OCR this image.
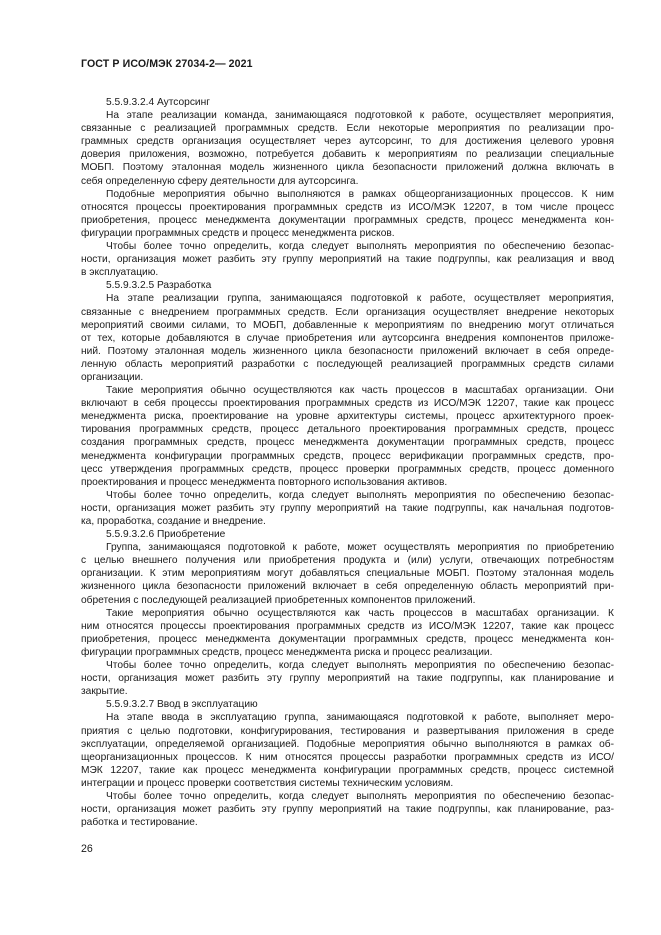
ГОСТ Р ИСО/МЭК 27034-2— 2021
5.5.9.3.2.4 Аутсорсинг
На этапе реализации команда, занимающаяся подготовкой к работе, осуществляет мероприятия,
связанные с реализацией программных средств. Если некоторые мероприятия по реализации про-
граммных средств организация осуществляет через аутсорсинг, то для достижения целевого уровня
доверия приложения, возможно, потребуется добавить к мероприятиям по реализации специальные
МОБП. Поэтому эталонная модель жизненного цикла безопасности приложений должна включать в
себя определенную сферу деятельности для аутсорсинга.
Подобные мероприятия обычно выполняются в рамках общеорганизационных процессов. К ним
относятся процессы проектирования программных средств из ИСО/МЭК 12207, в том числе процесс
приобретения, процесс менеджмента документации программных средств, процесс менеджмента кон-
фигурации программных средств и процесс менеджмента рисков.
Чтобы более точно определить, когда следует выполнять мероприятия по обеспечению безопас-
ности, организация может разбить эту группу мероприятий на такие подгруппы, как реализация и ввод
в эксплуатацию.
5.5.9.3.2.5 Разработка
На этапе реализации группа, занимающаяся подготовкой к работе, осуществляет мероприятия,
связанные с внедрением программных средств. Если организация осуществляет внедрение некоторых
мероприятий своими силами, то МОБП, добавленные к мероприятиям по внедрению могут отличаться
от тех, которые добавляются в случае приобретения или аутсорсинга внедрения компонентов приложе-
ний. Поэтому эталонная модель жизненного цикла безопасности приложений включает в себя опреде-
ленную область мероприятий разработки с последующей реализацией программных средств силами
организации.
Такие мероприятия обычно осуществляются как часть процессов в масштабах организации. Они
включают в себя процессы проектирования программных средств из ИСО/МЭК 12207, такие как процесс
менеджмента риска, проектирование на уровне архитектуры системы, процесс архитектурного проек-
тирования программных средств, процесс детального проектирования программных средств, процесс
создания программных средств, процесс менеджмента документации программных средств, процесс
менеджмента конфигурации программных средств, процесс верификации программных средств, про-
цесс утверждения программных средств, процесс проверки программных средств, процесс доменного
проектирования и процесс менеджмента повторного использования активов.
Чтобы более точно определить, когда следует выполнять мероприятия по обеспечению безопас-
ности, организация может разбить эту группу мероприятий на такие подгруппы, как начальная подготов-
ка, проработка, создание и внедрение.
5.5.9.3.2.6 Приобретение
Группа, занимающаяся подготовкой к работе, может осуществлять мероприятия по приобретению
с целью внешнего получения или приобретения продукта и (или) услуги, отвечающих потребностям
организации. К этим мероприятиям могут добавляться специальные МОБП. Поэтому эталонная модель
жизненного цикла безопасности приложений включает в себя определенную область мероприятий при-
обретения с последующей реализацией приобретенных компонентов приложений.
Такие мероприятия обычно осуществляются как часть процессов в масштабах организации. К
ним относятся процессы проектирования программных средств из ИСО/МЭК 12207, такие как процесс
приобретения, процесс менеджмента документации программных средств, процесс менеджмента кон-
фигурации программных средств, процесс менеджмента риска и процесс реализации.
Чтобы более точно определить, когда следует выполнять мероприятия по обеспечению безопас-
ности, организация может разбить эту группу мероприятий на такие подгруппы, как планирование и
закрытие.
5.5.9.3.2.7 Ввод в эксплуатацию
На этапе ввода в эксплуатацию группа, занимающаяся подготовкой к работе, выполняет меро-
приятия с целью подготовки, конфигурирования, тестирования и развертывания приложения в среде
эксплуатации, определяемой организацией. Подобные мероприятия обычно выполняются в рамках об-
щеорганизационных процессов. К ним относятся процессы разработки программных средств из ИСО/
МЭК 12207, такие как процесс менеджмента конфигурации программных средств, процесс системной
интеграции и процесс проверки соответствия системы техническим условиям.
Чтобы более точно определить, когда следует выполнять мероприятия по обеспечению безопас-
ности, организация может разбить эту группу мероприятий на такие подгруппы, как планирование, раз-
работка и тестирование.
26
